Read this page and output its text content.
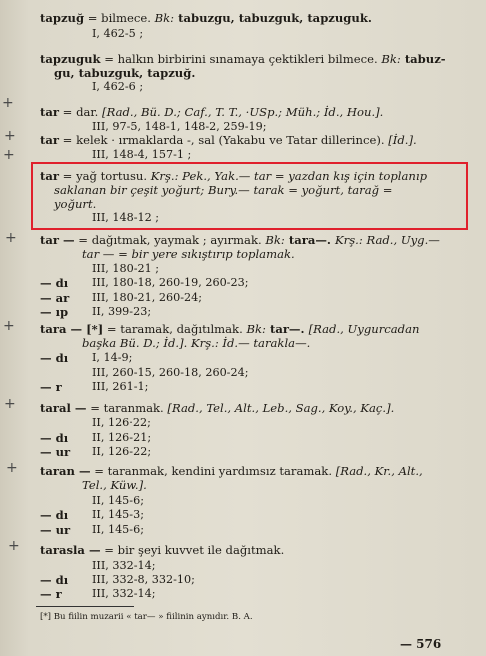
tapzuğ = bilmece. Bk: tabuzgu, tabuzguk, tapzuguk.
I, 462-5 ;
tapzuguk = halkın birbirini sınamaya çektikleri bilmece. Bk: tabuz-
gu, tabuzguk, tapzuğ.
I, 462-6 ;
tar = dar. [Rad., Bü. D.; Caf., T. T., ·USp.; Müh.; İd., Hou.].
III, 97-5, 148-1, 148-2, 259-19;
tar = kelek · ırmaklarda -, sal (Yakabu ve Tatar dillerince). [İd.].
III, 148-4, 157-1 ;
tar = yağ tortusu. Krş.: Pek., Yak.— tar = yazdan kış için toplanıp
saklanan bir çeşit yoğurt; Bury.— tarak = yoğurt, tarağ =
yoğurt.
III, 148-12 ;
tar — = dağıtmak, yaymak ; ayırmak. Bk: tara—. Krş.: Rad., Uyg.—
tar — = bir yere sıkıştırıp toplamak.
III, 180-21 ;
— dı III, 180-18, 260-19, 260-23;
— ar III, 180-21, 260-24;
— ıp II, 399-23;
tara — [*] = taramak, dağıtılmak. Bk: tar—. [Rad., Uygurcadan
başka Bü. D.; İd.]. Krş.: İd.— tarakla—.
— dı I, 14-9;
III, 260-15, 260-18, 260-24;
— r	III, 261-1;
taral — = taranmak. [Rad., Tel., Alt., Leb., Sag., Koy., Kaç.].
II, 126·22;
— dı II, 126-21;
— ur II, 126-22;
taran — = taranmak, kendini yardımsız taramak. [Rad., Kr., Alt.,
Tel., Küw.].
II, 145-6;
— dı II, 145-3;
— ur II, 145-6;
tarasla — = bir şeyi kuvvet ile dağıtmak.
III, 332-14;
— dı III, 332-8, 332-10;
— r	III, 332-14;
[*] Bu fiilin muzarii « tar— » fiilinin aynıdır. B. A.
— 576
+
+
+
+
+
+
+
+
